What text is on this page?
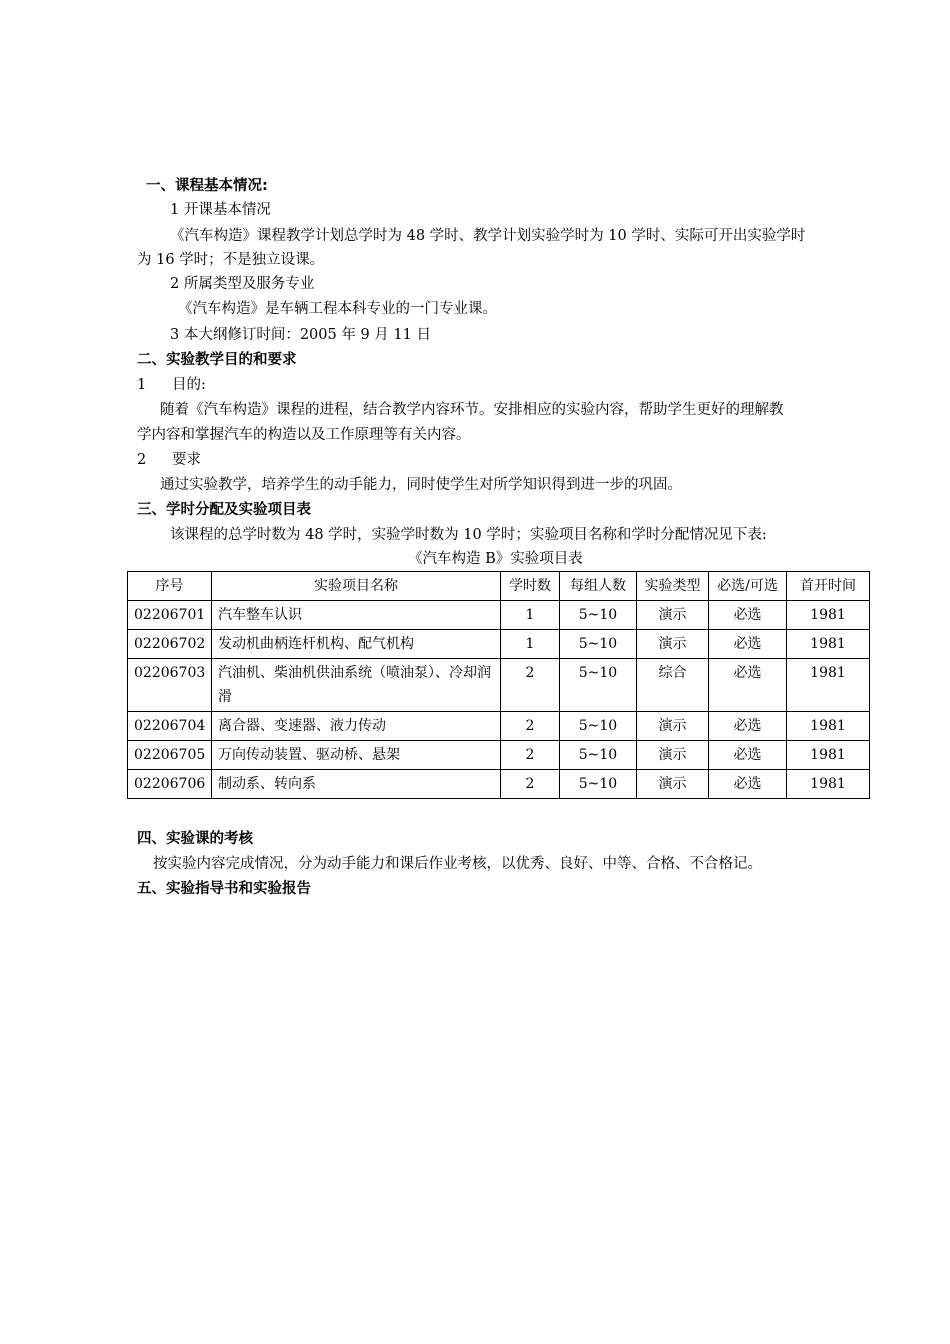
一、课程基本情况:
1 开课基本情况
《汽车构造》课程教学计划总学时为 48 学时、教学计划实验学时为 10 学时、实际可开出实验学时
为 16 学时；不是独立设课。
2 所属类型及服务专业
《汽车构造》是车辆工程本科专业的一门专业课。
3 本大纲修订时间：2005 年 9 月 11 日
二、实验教学目的和要求
1 目的:
随着《汽车构造》课程的进程，结合教学内容环节。安排相应的实验内容，帮助学生更好的理解教
学内容和掌握汽车的构造以及工作原理等有关内容。
2 要求
通过实验教学，培养学生的动手能力，同时使学生对所学知识得到进一步的巩固。
三、学时分配及实验项目表
该课程的总学时数为 48 学时，实验学时数为 10 学时；实验项目名称和学时分配情况见下表:
《汽车构造 B》实验项目表
序号	实验项目名称	学时数	每组人数	实验类型	必选/可选	首开时间
02206701	汽车整车认识	1	5~10	演示	必选	1981
02206702	发动机曲柄连杆机构、配气机构	1	5~10	演示	必选	1981
02206703	汽油机、柴油机供油系统（喷油泵）、冷却润滑	2	5~10	综合	必选	1981
02206704	离合器、变速器、液力传动	2	5~10	演示	必选	1981
02206705	万向传动装置、驱动桥、悬架	2	5~10	演示	必选	1981
02206706	制动系、转向系	2	5~10	演示	必选	1981
四、实验课的考核
按实验内容完成情况，分为动手能力和课后作业考核，以优秀、良好、中等、合格、不合格记。
五、实验指导书和实验报告
